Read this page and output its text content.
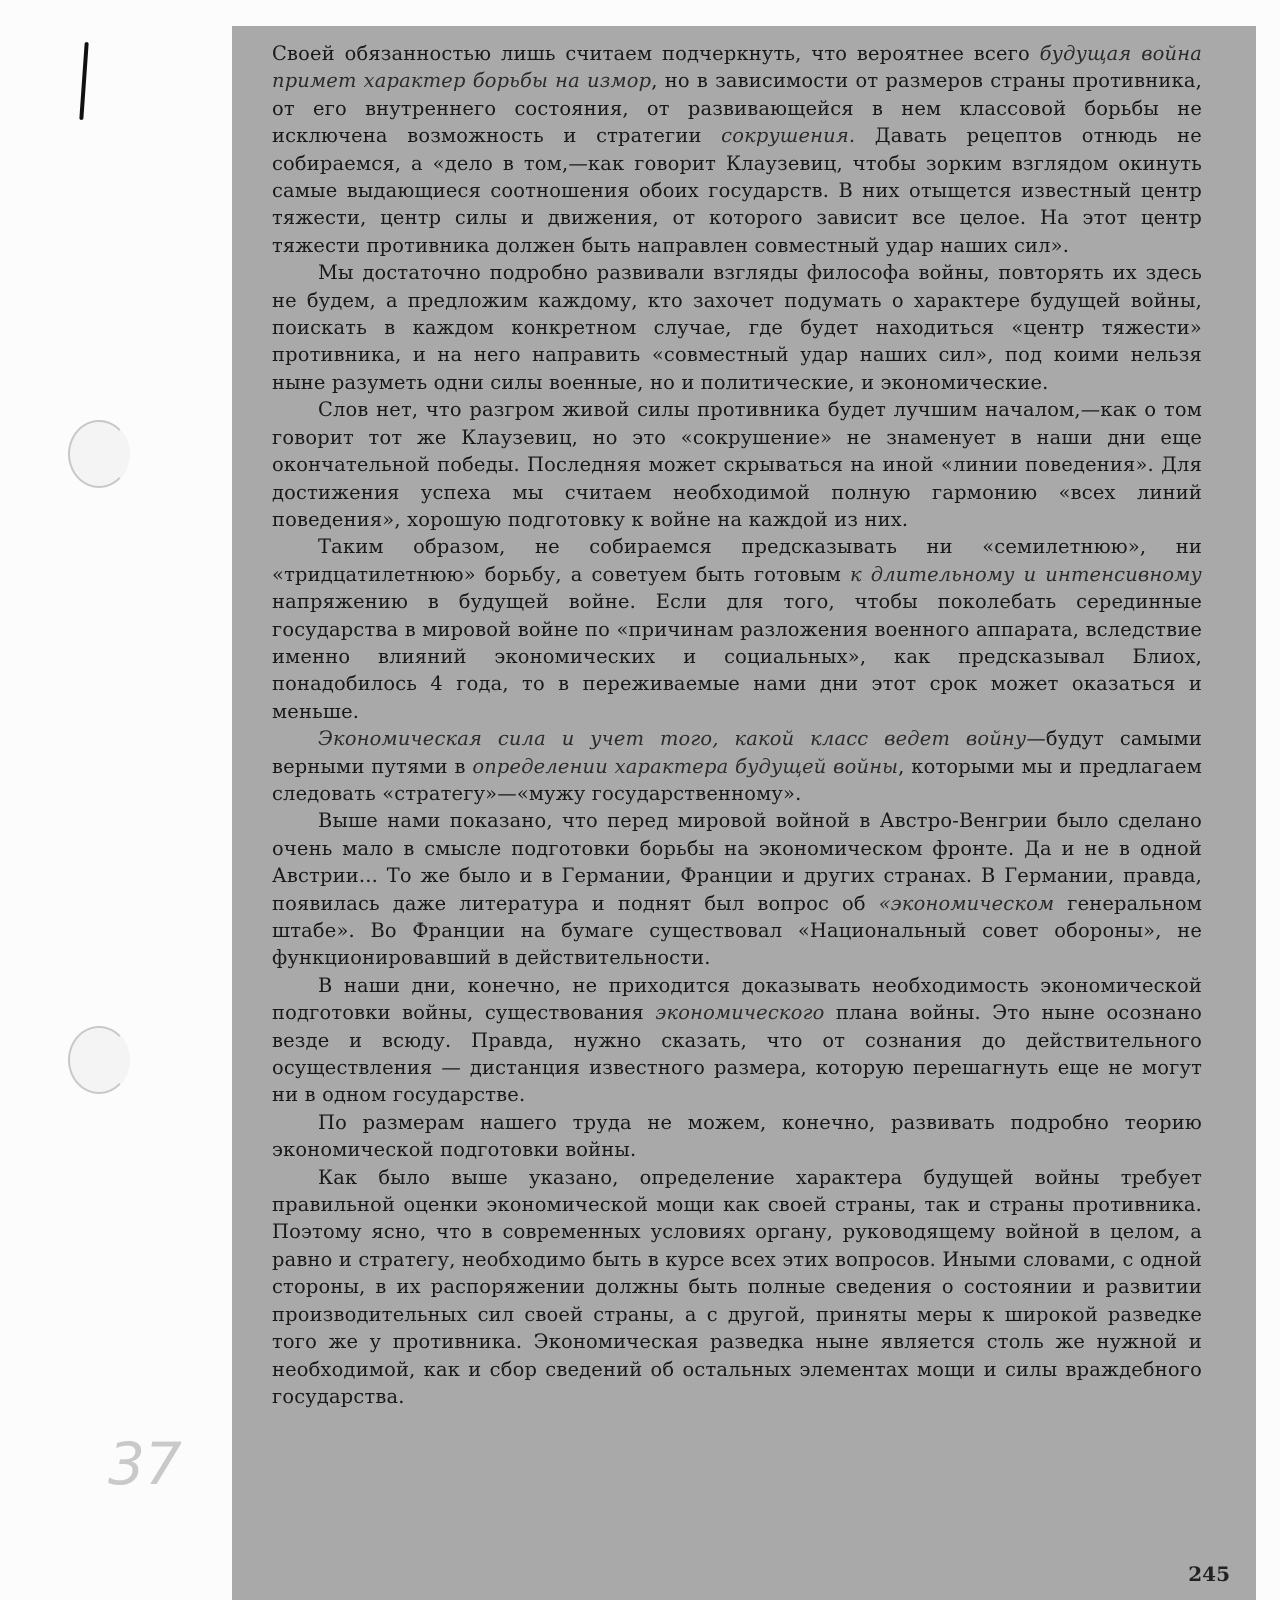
37

Своей обязанностью лишь считаем подчеркнуть, что вероятнее всего будущая война примет характер борьбы на измор, но в зависимости от размеров страны противника, от его внутреннего состояния, от развивающейся в нем классовой борьбы не исключена возможность и стратегии сокрушения. Давать рецептов отнюдь не собираемся, а «дело в том,—как говорит Клаузевиц, чтобы зорким взглядом окинуть самые выдающиеся соотношения обоих государств. В них отыщется известный центр тяжести, центр силы и движения, от которого зависит все целое. На этот центр тяжести противника должен быть направлен совместный удар наших сил».

Мы достаточно подробно развивали взгляды философа войны, повторять их здесь не будем, а предложим каждому, кто захочет подумать о характере будущей войны, поискать в каждом конкретном случае, где будет находиться «центр тяжести» противника, и на него направить «совместный удар наших сил», под коими нельзя ныне разуметь одни силы военные, но и политические, и экономические.

Слов нет, что разгром живой силы противника будет лучшим началом,—как о том говорит тот же Клаузевиц, но это «сокрушение» не знаменует в наши дни еще окончательной победы. Последняя может скрываться на иной «линии поведения». Для достижения успеха мы считаем необходимой полную гармонию «всех линий поведения», хорошую подготовку к войне на каждой из них.

Таким образом, не собираемся предсказывать ни «семилетнюю», ни «тридцатилетнюю» борьбу, а советуем быть готовым к длительному и интенсивному напряжению в будущей войне. Если для того, чтобы поколебать серединные государства в мировой войне по «причинам разложения военного аппарата, вследствие именно влияний экономических и социальных», как предсказывал Блиох, понадобилось 4 года, то в переживаемые нами дни этот срок может оказаться и меньше.

Экономическая сила и учет того, какой класс ведет войну—будут самыми верными путями в определении характера будущей войны, которыми мы и предлагаем следовать «стратегу»—«мужу государственному».

Выше нами показано, что перед мировой войной в Австро-Венгрии было сделано очень мало в смысле подготовки борьбы на экономическом фронте. Да и не в одной Австрии... То же было и в Германии, Франции и других странах. В Германии, правда, появилась даже литература и поднят был вопрос об «экономическом генеральном штабе». Во Франции на бумаге существовал «Национальный совет обороны», не функционировавший в действительности.

В наши дни, конечно, не приходится доказывать необходимость экономической подготовки войны, существования экономического плана войны. Это ныне осознано везде и всюду. Правда, нужно сказать, что от сознания до действительного осуществления — дистанция известного размера, которую перешагнуть еще не могут ни в одном государстве.

По размерам нашего труда не можем, конечно, развивать подробно теорию экономической подготовки войны.

Как было выше указано, определение характера будущей войны требует правильной оценки экономической мощи как своей страны, так и страны противника. Поэтому ясно, что в современных условиях органу, руководящему войной в целом, а равно и стратегу, необходимо быть в курсе всех этих вопросов. Иными словами, с одной стороны, в их распоряжении должны быть полные сведения о состоянии и развитии производительных сил своей страны, а с другой, приняты меры к широкой разведке того же у противника. Экономическая разведка ныне является столь же нужной и необходимой, как и сбор сведений об остальных элементах мощи и силы враждебного государства.

245
